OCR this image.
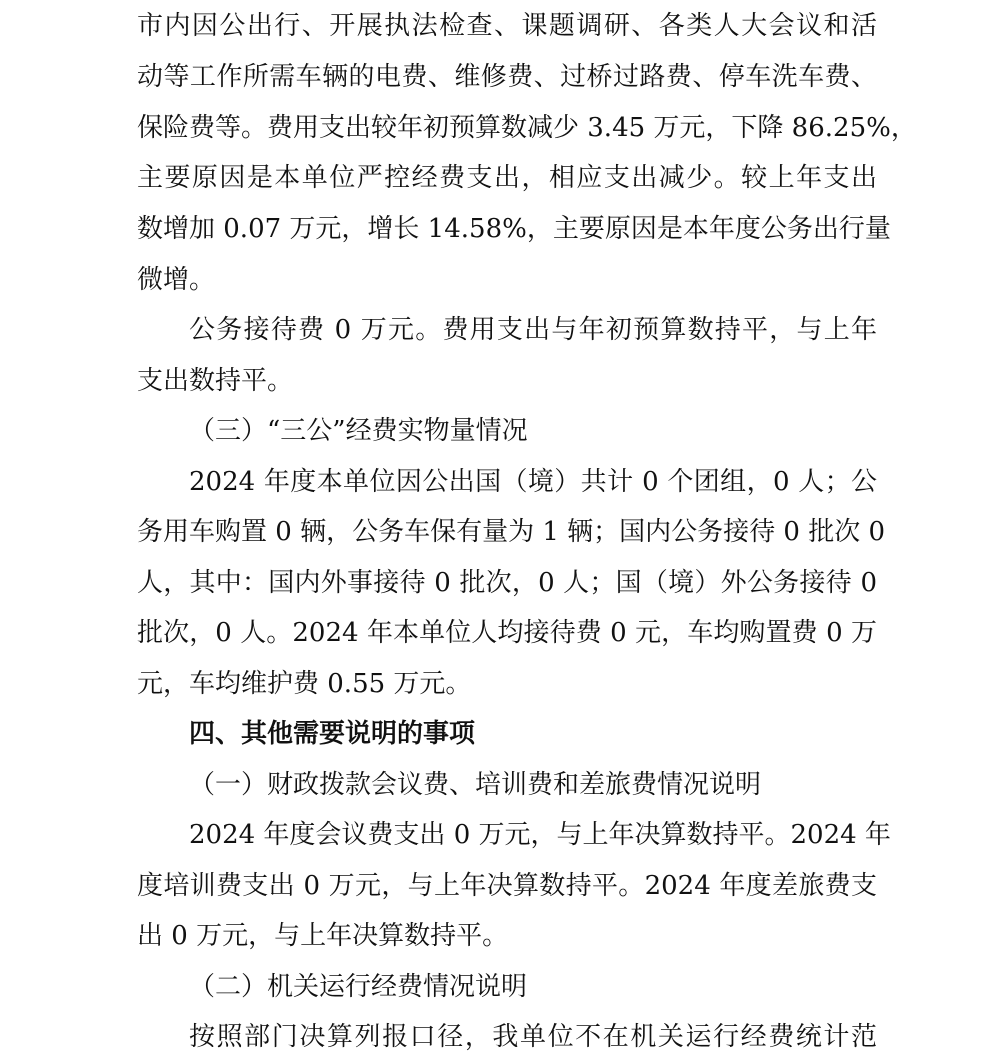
市内因公出行、开展执法检查、课题调研、各类人大会议和活
动等工作所需车辆的电费、维修费、过桥过路费、停车洗车费、
保险费等。费用支出较年初预算数减少 3.45 万元，下降 86.25%，
主要原因是本单位严控经费支出，相应支出减少。较上年支出
数增加 0.07 万元，增长 14.58%，主要原因是本年度公务出行量
微增。
公务接待费 0 万元。费用支出与年初预算数持平，与上年
支出数持平。
（三）“三公”经费实物量情况
2024 年度本单位因公出国（境）共计 0 个团组，0 人；公
务用车购置 0 辆，公务车保有量为 1 辆；国内公务接待 0 批次 0
人，其中：国内外事接待 0 批次，0 人；国（境）外公务接待 0
批次，0 人。2024 年本单位人均接待费 0 元，车均购置费 0 万
元，车均维护费 0.55 万元。
四、其他需要说明的事项
（一）财政拨款会议费、培训费和差旅费情况说明
2024 年度会议费支出 0 万元，与上年决算数持平。2024 年
度培训费支出 0 万元，与上年决算数持平。2024 年度差旅费支
出 0 万元，与上年决算数持平。
（二）机关运行经费情况说明
按照部门决算列报口径，我单位不在机关运行经费统计范
